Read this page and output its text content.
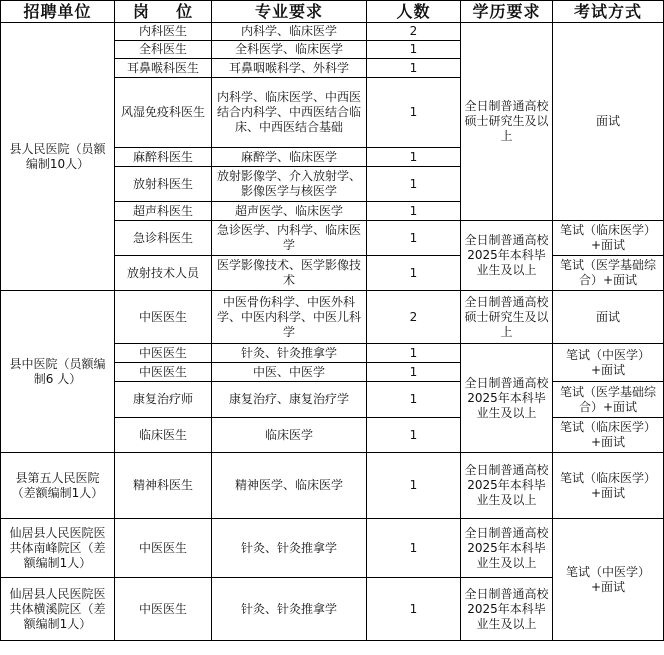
招聘单位	岗    位	专业要求	人数	学历要求	考试方式
县人民医院（员额编制10人）	内科医生	内科学、临床医学	2	全日制普通高校硕士研究生及以上	面试
	全科医生	全科医学、临床医学	1		
	耳鼻喉科医生	耳鼻咽喉科学、外科学	1		
	风湿免疫科医生	内科学、临床医学、中西医结合内科学、中西医结合临床、中西医结合基础	1		
	麻醉科医生	麻醉学、临床医学	1		
	放射科医生	放射影像学、介入放射学、影像医学与核医学	1		
	超声科医生	超声医学、临床医学	1		
	急诊科医生	急诊医学、内科学、临床医学	1	全日制普通高校2025年本科毕业生及以上	笔试（临床医学）+面试
	放射技术人员	医学影像技术、医学影像技术	1		笔试（医学基础综合）+面试
县中医院（员额编制6 人）	中医医生	中医骨伤科学、中医外科学、中医内科学、中医儿科学	2	全日制普通高校硕士研究生及以上	面试
	中医医生	针灸、针灸推拿学	1	全日制普通高校2025年本科毕业生及以上	笔试（中医学）+面试
	中医医生	中医、中医学	1		
	康复治疗师	康复治疗、康复治疗学	1		笔试（医学基础综合）+面试
	临床医生	临床医学	1		笔试（临床医学）+面试
县第五人民医院（差额编制1人）	精神科医生	精神医学、临床医学	1	全日制普通高校2025年本科毕业生及以上	笔试（临床医学）+面试
仙居县人民医院医共体南峰院区（差额编制1人）	中医医生	针灸、针灸推拿学	1	全日制普通高校2025年本科毕业生及以上	笔试（中医学）+面试
仙居县人民医院医共体横溪院区（差额编制1人）	中医医生	针灸、针灸推拿学	1	全日制普通高校2025年本科毕业生及以上	
